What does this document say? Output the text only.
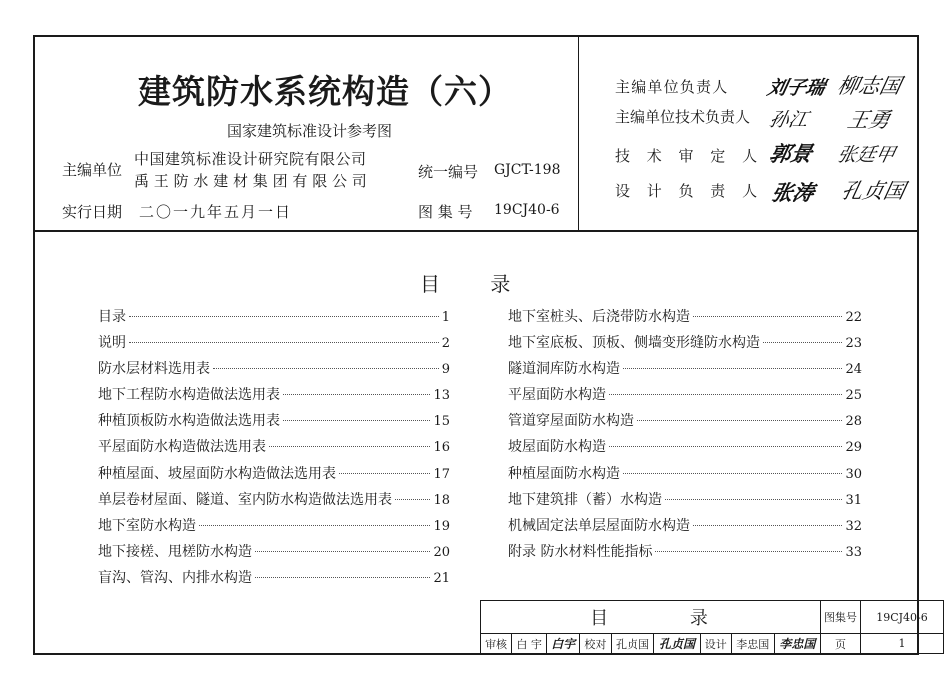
建筑防水系统构造（六）
国家建筑标准设计参考图
主编单位
中国建筑标准设计研究院有限公司
禹王防水建材集团有限公司
实行日期 二〇一九年五月一日
统一编号 GJCT-198
图 集 号 19CJ40-6
主编单位负责人 刘子瑞 柳志国
主编单位技术负责人 孙江 王勇
技 术 审 定 人 郭景 张廷甲
设 计 负 责 人 张涛 孔贞国
目	录
目录	1
说明	2
防水层材料选用表	9
地下工程防水构造做法选用表	13
种植顶板防水构造做法选用表	15
平屋面防水构造做法选用表	16
种植屋面、坡屋面防水构造做法选用表	17
单层卷材屋面、隧道、室内防水构造做法选用表	18
地下室防水构造	19
地下接槎、甩槎防水构造	20
盲沟、管沟、内排水构造	21
地下室桩头、后浇带防水构造	22
地下室底板、顶板、侧墙变形缝防水构造	23
隧道洞库防水构造	24
平屋面防水构造	25
管道穿屋面防水构造	28
坡屋面防水构造	29
种植屋面防水构造	30
地下建筑排（蓄）水构造	31
机械固定法单层屋面防水构造	32
附录 防水材料性能指标	33
目 录									图集号	19CJ40-6
审核	白 宇	白宇	校对	孔贞国	孔贞国	设计	李忠国	李忠国	页	1
